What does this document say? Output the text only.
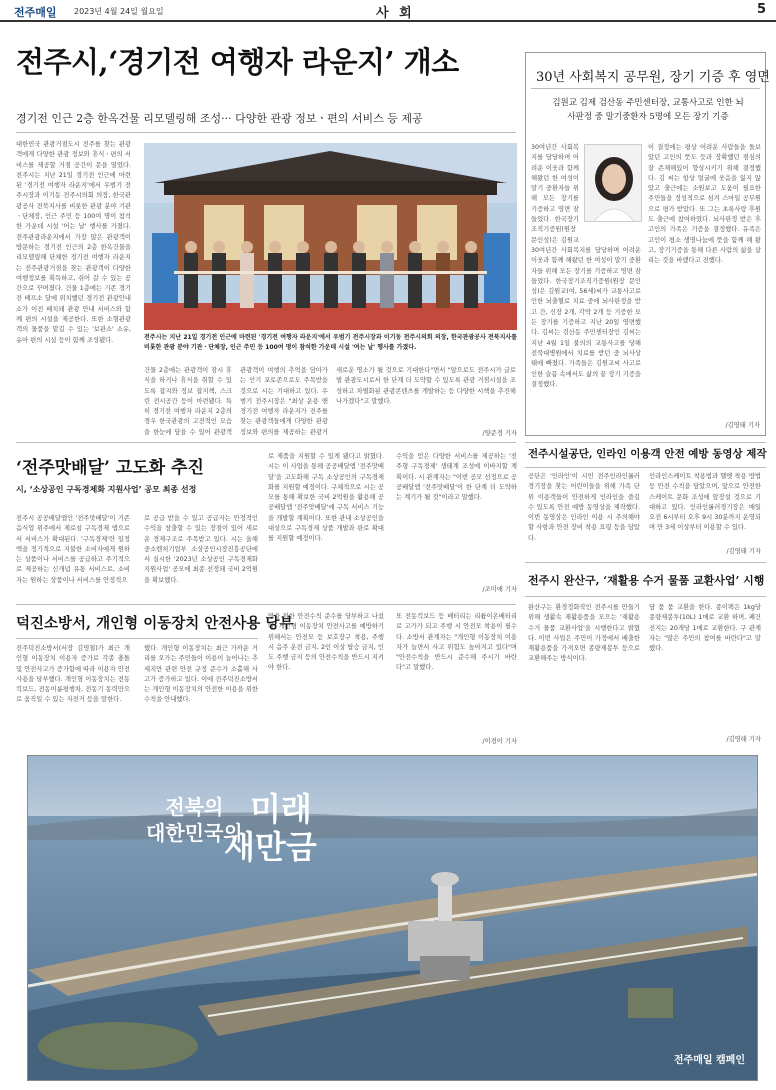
전주매일 2023년 4월 24일 월요일	사 회	5
전주시,‘경기전 여행자 라운지’ 개소
경기전 인근 2층 한옥건물 리모델링해 조성··· 다양한 관광 정보ㆍ편의 서비스 등 제공
대한민국 관광거점도시 전주를 찾는 관광객에게 다양한 관광 정보와 휴식ㆍ편의 서비스를 제공할 거점 공간이 문을 열었다. 전주시는 지난 21일 경기전 인근에 마련된 '경기전 여행자 라운지'에서 우범기 전주시장과 이기동 전주시의회 의장, 한국관광공사 전북지사를 비롯한 관광 분야 기관ㆍ단체장, 인근 주민 등 100여 명이 참석한 가운데 시설 '어는 날' 행사를 가졌다. 전주관광라운지에서 가장 많은 관광객이 방문하는 경기전 인근의 2층 한옥건물을 리모델링해 단체한 경기전 여행자 라운지는 전주관광거점을 찾는 관광객이 다양한 여행정보를 획득하고, 쉬어 갈 수 있는 공간으로 꾸며졌다. 건물 1층에는 기존 경기전 배프소 달에 위치했던 경기전 관광안내소가 이전 배치돼 관광 안내 서비스와 함께 편의 시설을 제공한다. 또한 소형관광객의 물품을 맡길 수 있는 '보관소' 소유, 유아 편의 시설 등이 함께 조성됐다.	전주시는 지난 21일 경기전 인근에 마련된 '경기전 여행자 라운지'에서 우범기 전주시장과 이기동 전주시의회 의장, 한국관광공사 전북지사를 비롯한 관광 분야 기관ㆍ단체장, 인근 주민 등 100여 명이 참석한 가운데 시설 '여는 날' 행사를 가졌다.
건물 2층에는 관광객이 잠시 휴식을 하거나 휴식을 취할 수 있도록 잡지와 정보 잡지책, 스크린 전시공간 등이 마련됐다. 특히 경기전 여행자 라운지 2층의 경우 한국관광의 고전적인 모습을 한눈에 담을 수 있어 관광객
관광객이 여행의 추억을 담아가는 인기 포토존으로도 주목받을 것으로 시는 기대하고 있다. 우범기 전주시장은 "최상 운용 앤 경기전 여행자 라운지가 전주를 찾는 관광객들에게 다양한 관광 정보와 편의를 제공하는 관광거
새로운 명소가 될 것으로 기대한다"면서 "앞으로도 전주시가 글로벌 관광도시로서 한 단계 더 도약할 수 있도록 관광 거점시설을 조성하고 차별화된 관광콘텐츠를 개발하는 등 다양한 시책을 추진해 나가겠다"고 말했다.
/양준경 기자
30년 사회복지 공무원, 장기 기증 후 영면
김원교 김제 검산동 주민센터장, 교통사고로 인한 뇌사판정 중 말기중환자 5명에 모든 장기 기증
30여년간 사회복지를 담당하며 어려운 이웃과 함께 해왔던 한 여성이 말기 중환자들 위해 모든 장기를 기증하고 영면 잠들었다. 한국장기조직기증원(원장 문인성)은 김원교
이 결정에는 평상 어려운 사람들을 돌보았던 고인의 뜻도 듯과 장확했던 점심의 잘 존재해있어 향상시키기 위해 결정했다. 김 씨는 항상 얼굴에 웃음을 잃지 않았고 출근에는 소원보고 도움이 필요한 주민들을 정성적으로 섬겨 스마일 공무원으로 평가 받았다. 또 그는 초록사랑 후원도 출근에 참여하였다. 뇌사판정 받은 후 고인의 가족은 기증을 결정했다. 유족은 고인이 평소 생명나눔에 뜻을 함께 해 왔고, 장기기증을 통해 다른 사람의 삶을 살리는 것을 바랬다고 전했다.
30여년간 사회복지를 담당하며 어려운 이웃과 함께 해왔던 한 여성이 말기 중환자들 위해 모든 장기를 기증하고 영면 잠들었다. 한국장기조직기증원(원장 문인성)은 김원교(여, 56세)씨가 교통사고로 인한 뇌출혈로 치료 중에 뇌사판정을 받고 간, 신장 2개, 각막 2개 등 기증한 모든 장기를 기증하고 지난 20일 영면했다. 김씨는 검산동 주민센터장인 김씨는 지난 4월 1일 불의의 교통사고를 당해 전북대병원에서 치료를 받던 중 뇌사상태에 빠졌다. 가족들은 김원교씨 사고로 인한 슬픔 속에서도 삶의 끝 장기 기증을 결정했다.
/김영태 기자
‘전주맛배달’ 고도화 추진
시, ‘소상공인 구독경제화 지원사업’ 공모 최종 선정
전주시 공공배달앱인 '전주맛배달'이 기존 음식업 위주에서 제로섬 구독경제 앱으로서 서비스가 확대된다. '구독경제'란 일정액을 정기적으로 지불한 소비자에게 원하는 상품이나 서비스를 공급하고 주기적으로 제공하는 신개념 유통 서비스로, 소비자는 원하는 상품이나 서비스를 안정적으
로 공급 받을 수 있고 공급자는 안정적인 수익을 창출할 수 있는 장점이 있어 새로운 경제구조로 주목받고 있다. 시는 올해 중소벤처기업부 소상공인시장진흥공단에서 실시한 '2023년 소상공인 구독경제화 지원사업' 공모에 최종 선정돼 국비 2억원을 확보했다.
로 제품을 지원할 수 있게 됐다고 밝혔다. 시는 이 사업을 통해 공공배달앱 '전주맛배달'을 고도화해 구독 소상공인의 구독경제화를 지원할 예정이다. 구체적으로 시는 공모를 통해 확보한 국비 2억원을 활용해 공공배달앱 '전주맛배달'에 구독 서비스 기능을 개발할 계획이다. 또한 관내 소상공인을 대상으로 구독경제 상품 개발과 판로 확대를 지원할 예정이다.
수익을 얻은 다양한 서비스를 제공하는 '전주형 구독경제' 생태계 조성에 이바지할 계획이다. 시 관계자는 "이번 공모 선정으로 공공배달앱 '전주맛배달'이 한 단계 더 도약하는 계기가 될 것"이라고 말했다.
/조미애 기자
덕진소방서, 개인형 이동장치 안전사용 당부
전주덕진소방서(서장 김영철)가 최근 개인형 이동장치 이용자 증가로 각종 충돌 및 안전사고가 증가함에 따라 이용자 안전 사용을 당부했다. 개인형 이동장치는 전동킥보드, 전동이륜평행차, 전동기 동력만으로 움직일 수 있는 자전거 등을 말한다.
했다. 개인형 이동장치는 최근 가까운 거리를 오가는 주민들이 이용이 늘어나는 추세지만 관련 안전 규정 준수가 소홀해 사고가 증가하고 있다. 이에 전주덕진소방서는 개인형 이동장치의 안전한 이용을 위한 수칙을 안내했다.
방을 위한 안전수칙 준수를 당부하고 나섰다. 개인형 이동장치 안전사고를 예방하기 위해서는 안전모 등 보호장구 착용, 주행 시 음주 운전 금지, 2인 이상 탑승 금지, 인도 주행 금지 등의 안전수칙을 반드시 지켜야 한다.
또 전동킥보드 등 배터리는 리튬이온배터리로 고가가 되고 주행 시 안전모 착용이 필수다. 소방서 관계자는 "개인형 이동장치 이용자가 늘면서 사고 위험도 높아지고 있다"며 "안전수칙을 반드시 준수해 주시기 바란다"고 말했다.
/이경이 기자
전주시설공단, 인라인 이용객 안전 예방 동영상 제작
공단은 '인라인'이 시민 전주인라인롤러경기장을 찾는 어린이들을 위해 가족 단위 이용객들이 안전하게 인라인을 즐길 수 있도록 안전 예방 동영상을 제작했다. 이번 동영상은 인라인 이용 시 주의해야 할 사항과 안전 장비 착용 요령 등을 담았다.
인라인스케이트 착용법과 헬멧 착용 방법 등 안전 수칙을 담았으며, 앞으로 안전한 스케이트 문화 조성에 앞장설 것으로 기대하고 있다. 인라인롤러경기장은 매일 오전 6시부터 오후 9시 30분까지 운영되며 만 3세 이상부터 이용할 수 있다.
/김영태 기자
전주시 완산구, ‘재활용 수거 물품 교환사업’ 시행
완산구는 환경정화작인 전주시를 만들기 위해 생활속 재활용품을 모으는 '재활용 수거 물품 교환사업'을 시행한다고 밝혔다. 이번 사업은 주민이 가정에서 배출한 재활용품을 가져오면 종량제봉투 등으로 교환해주는 방식이다.
담 품 품 교환을 한다. 종이팩은 1kg당 종량제봉투(10L) 1매로 교환 하며, 폐건전지는 20개당 1매로 교환한다. 구 관계자는 "많은 주민의 참여를 바란다"고 말했다.
/김영태 기자
전북의
대한민국의
미래
새만금
전주매일 캠페인
